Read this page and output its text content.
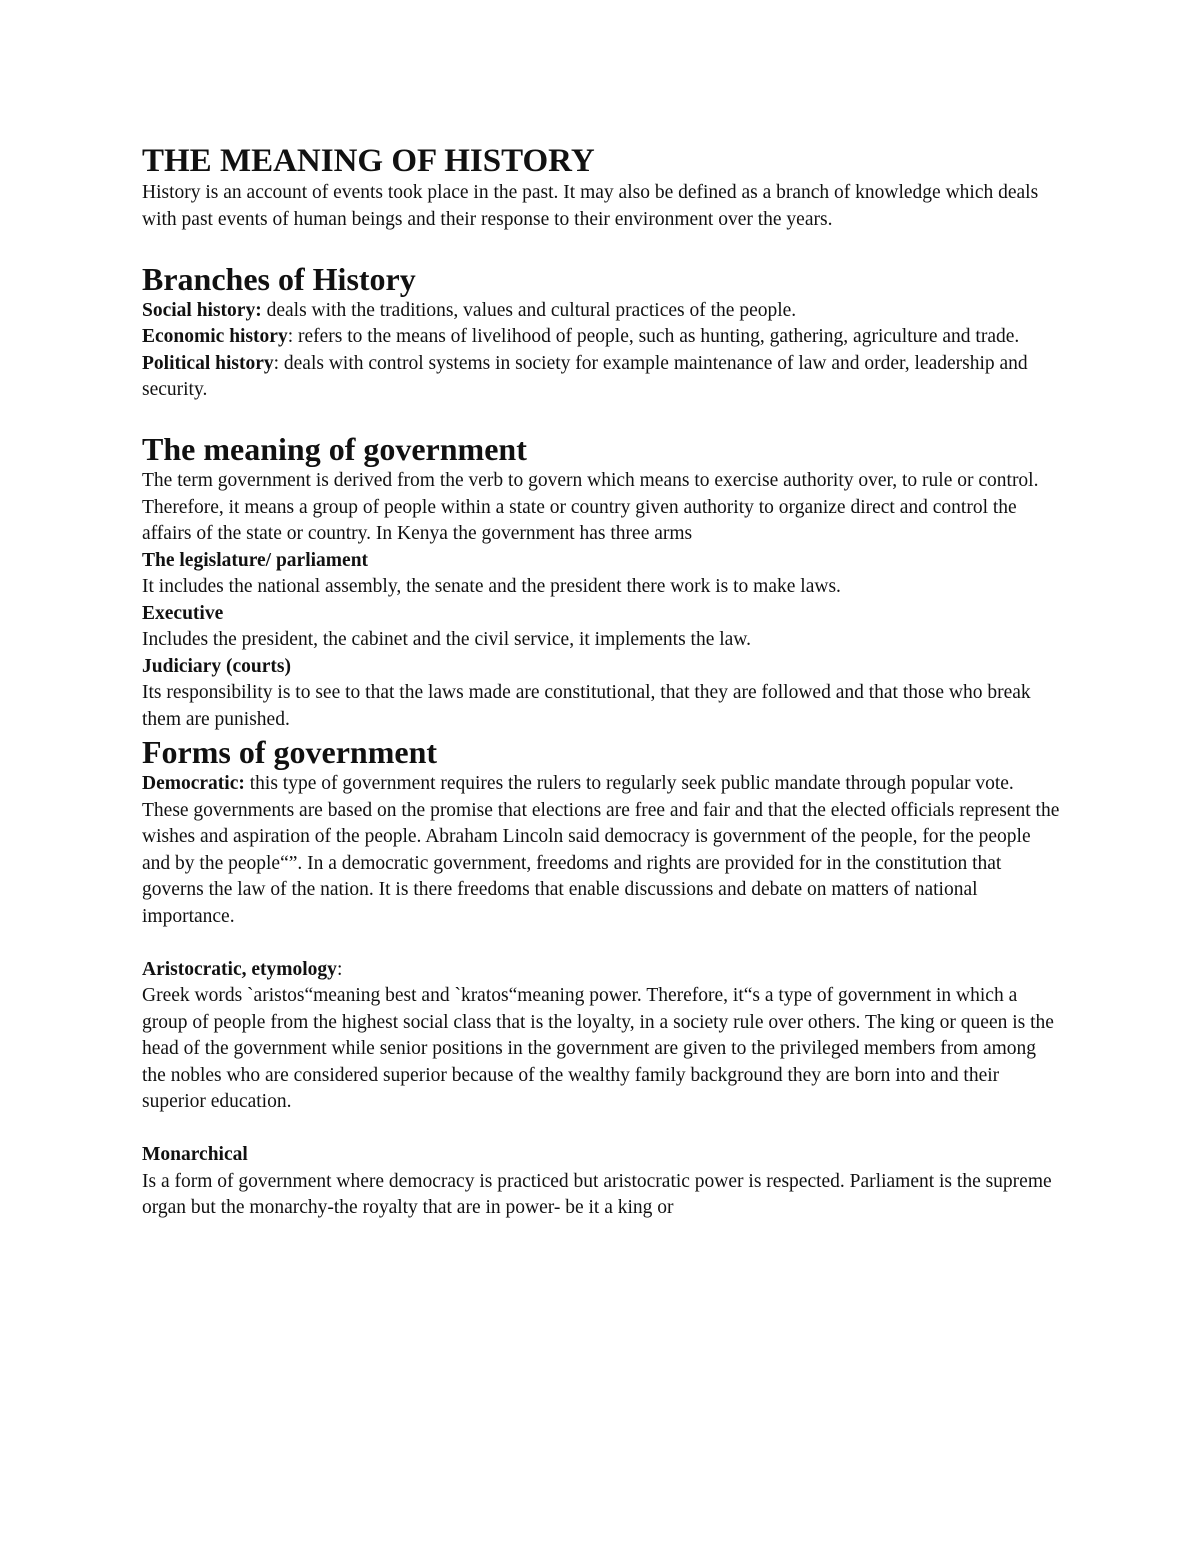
THE MEANING OF HISTORY

History is an account of events took place in the past. It may also be defined as a branch of knowledge which deals with past events of human beings and their response to their environment over the years.

Branches of History

Social history: deals with the traditions, values and cultural practices of the people.

Economic history: refers to the means of livelihood of people, such as hunting, gathering, agriculture and trade.

Political history: deals with control systems in society for example maintenance of law and order, leadership and security.

The meaning of government

The term government is derived from the verb to govern which means to exercise authority over, to rule or control. Therefore, it means a group of people within a state or country given authority to organize direct and control the affairs of the state or country. In Kenya the government has three arms

The legislature/ parliament

It includes the national assembly, the senate and the president there work is to make laws.

Executive

Includes the president, the cabinet and the civil service, it implements the law.

Judiciary (courts)

Its responsibility is to see to that the laws made are constitutional, that they are followed and that those who break them are punished.

Forms of government

Democratic: this type of government requires the rulers to regularly seek public mandate through popular vote. These governments are based on the promise that elections are free and fair and that the elected officials represent the wishes and aspiration of the people. Abraham Lincoln said democracy is government of the people, for the people and by the people“”. In a democratic government, freedoms and rights are provided for in the constitution that governs the law of the nation. It is there freedoms that enable discussions and debate on matters of national importance.

Aristocratic, etymology:

Greek words `aristos“meaning best and `kratos“meaning power. Therefore, it“s a type of government in which a group of people from the highest social class that is the loyalty, in a society rule over others. The king or queen is the head of the government while senior positions in the government are given to the privileged members from among the nobles who are considered superior because of the wealthy family background they are born into and their superior education.

Monarchical

Is a form of government where democracy is practiced but aristocratic power is respected. Parliament is the supreme organ but the monarchy-the royalty that are in power- be it a king or
